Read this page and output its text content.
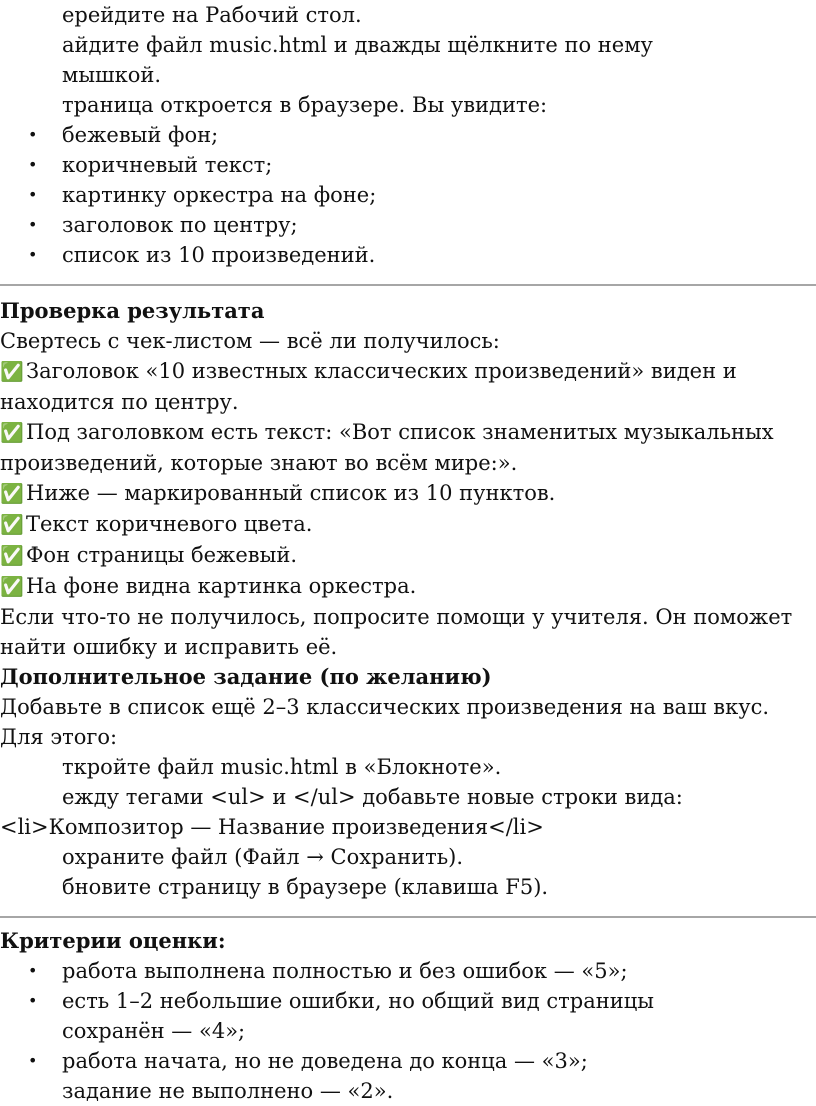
ерейдите на Рабочий стол.
айдите файл music.html и дважды щёлкните по нему
мышкой.
траница откроется в браузере. Вы увидите:
• бежевый фон;
• коричневый текст;
• картинку оркестра на фоне;
• заголовок по центру;
• список из 10 произведений.
Проверка результата
Свертесь с чек-листом — всё ли получилось:
✅ Заголовок «10 известных классических произведений» виден и находится по центру.
✅ Под заголовком есть текст: «Вот список знаменитых музыкальных произведений, которые знают во всём мире:».
✅ Ниже — маркированный список из 10 пунктов.
✅ Текст коричневого цвета.
✅ Фон страницы бежевый.
✅ На фоне видна картинка оркестра.
Если что-то не получилось, попросите помощи у учителя. Он поможет найти ошибку и исправить её.
Дополнительное задание (по желанию)
Добавьте в список ещё 2–3 классических произведения на ваш вкус. Для этого:
ткройте файл music.html в «Блокноте».
ежду тегами <ul> и </ul> добавьте новые строки вида:
<li>Композитор — Название произведения</li>
охраните файл (Файл → Сохранить).
бновите страницу в браузере (клавиша F5).
Критерии оценки:
• работа выполнена полностью и без ошибок — «5»;
• есть 1–2 небольшие ошибки, но общий вид страницы сохранён — «4»;
• работа начата, но не доведена до конца — «3»;
задание не выполнено — «2».
